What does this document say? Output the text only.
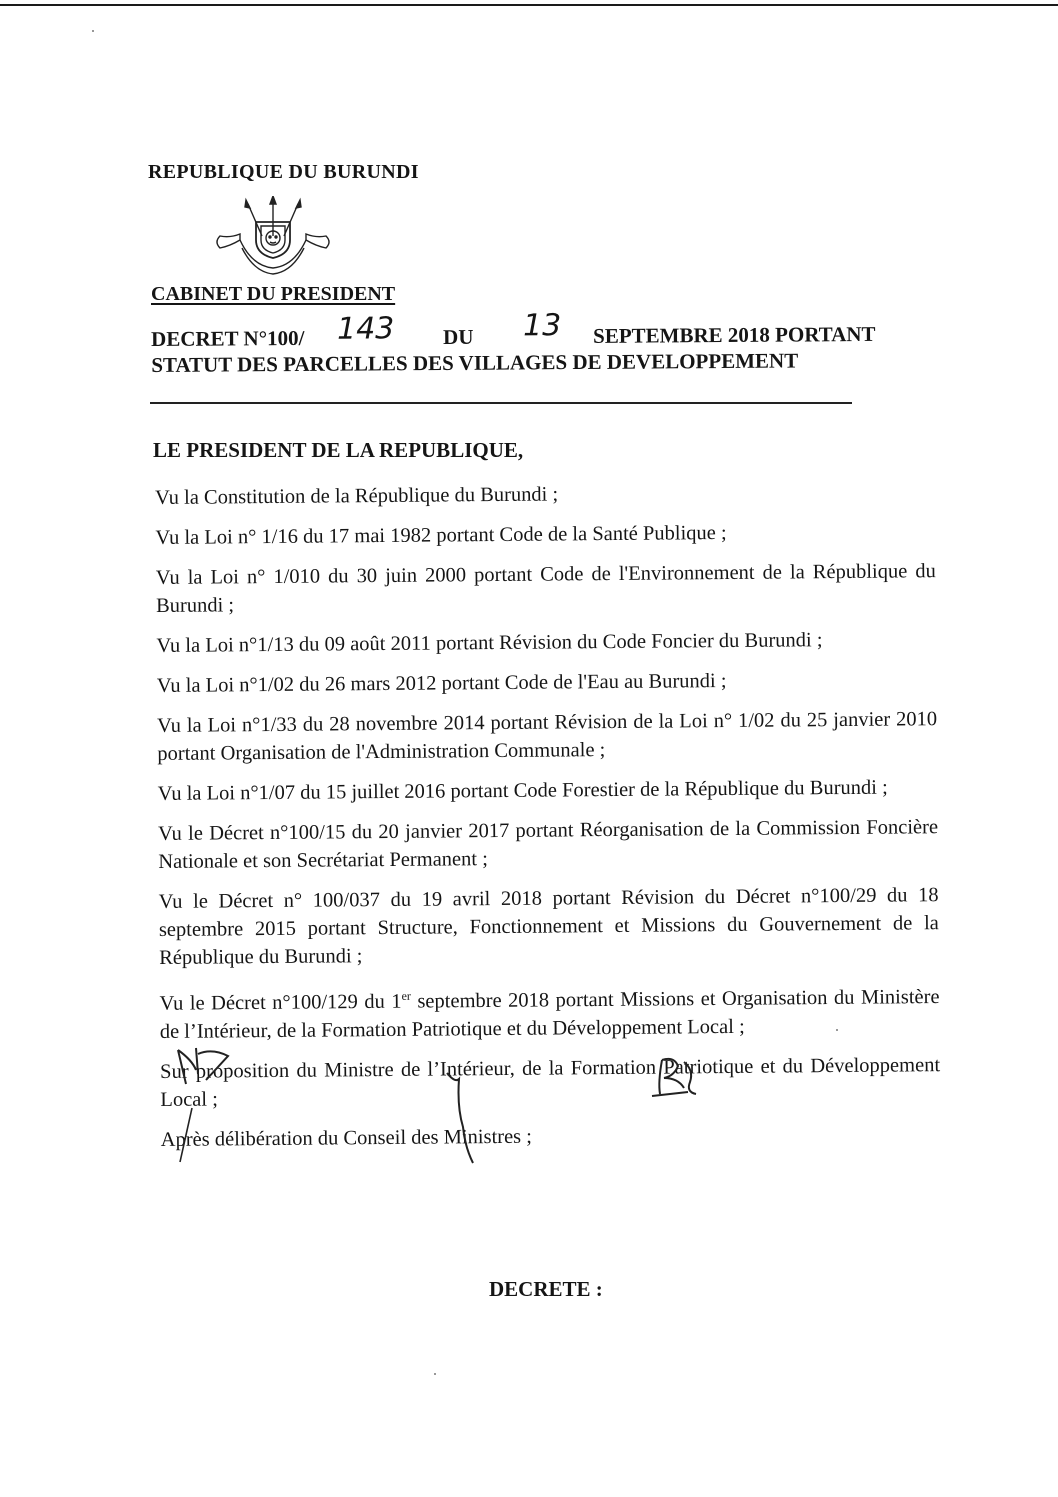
REPUBLIQUE DU BURUNDI
CABINET DU PRESIDENT
DECRET N°100/ 143 DU 13 SEPTEMBRE 2018 PORTANT
STATUT DES PARCELLES DES VILLAGES DE DEVELOPPEMENT
LE PRESIDENT DE LA REPUBLIQUE,

Vu la Constitution de la République du Burundi ;

Vu la Loi n° 1/16 du 17 mai 1982 portant Code de la Santé Publique ;

Vu la Loi n° 1/010 du 30 juin 2000 portant Code de l'Environnement de la République du Burundi ;

Vu la Loi n°1/13 du 09 août 2011 portant Révision du Code Foncier du Burundi ;

Vu la Loi n°1/02 du 26 mars 2012 portant Code de l'Eau au Burundi ;

Vu la Loi n°1/33 du 28 novembre 2014 portant Révision de la Loi n° 1/02 du 25 janvier 2010 portant Organisation de l'Administration Communale ;

Vu la Loi n°1/07 du 15 juillet 2016 portant Code Forestier de la République du Burundi ;

Vu le Décret n°100/15 du 20 janvier 2017 portant Réorganisation de la Commission Foncière Nationale et son Secrétariat Permanent ;

Vu le Décret n° 100/037 du 19 avril 2018 portant Révision du Décret n°100/29 du 18 septembre 2015 portant Structure, Fonctionnement et Missions du Gouvernement de la République du Burundi ;

Vu le Décret n°100/129 du 1er septembre 2018 portant Missions et Organisation du Ministère de l’Intérieur, de la Formation Patriotique et du Développement Local ;

Sur proposition du Ministre de l’Intérieur, de la Formation Patriotique et du Développement Local ;

Après délibération du Conseil des Ministres ;

DECRETE :
